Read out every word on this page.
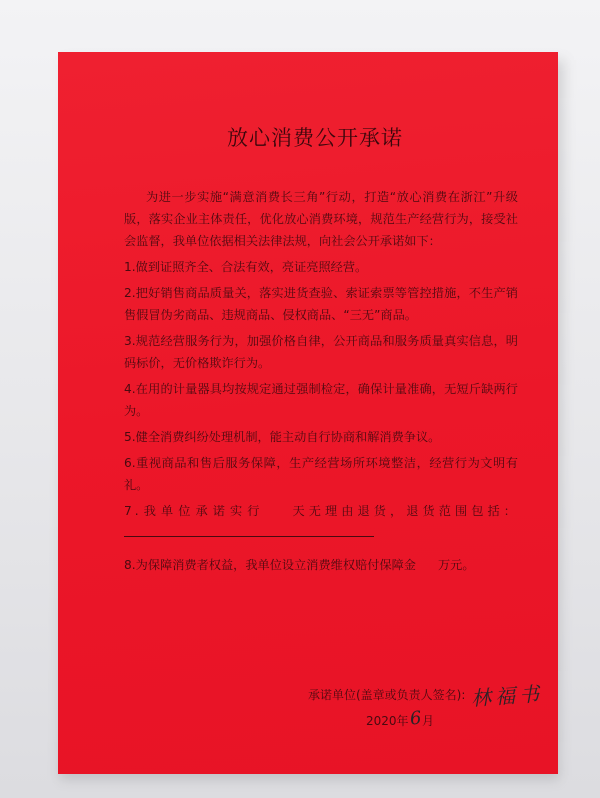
放心消费公开承诺

为进一步实施“满意消费长三角”行动，打造“放心消费在浙江”升级版，落实企业主体责任，优化放心消费环境，规范生产经营行为，接受社会监督，我单位依据相关法律法规，向社会公开承诺如下：

1.做到证照齐全、合法有效，亮证亮照经营。

2.把好销售商品质量关，落实进货查验、索证索票等管控措施，不生产销售假冒伪劣商品、违规商品、侵权商品、“三无”商品。

3.规范经营服务行为，加强价格自律，公开商品和服务质量真实信息，明码标价，无价格欺诈行为。

4.在用的计量器具均按规定通过强制检定，确保计量准确，无短斤缺两行为。

5.健全消费纠纷处理机制，能主动自行协商和解消费争议。

6.重视商品和售后服务保障，生产经营场所环境整洁，经营行为文明有礼。

7.我单位承诺实行 天无理由退货，退货范围包括：

8.为保障消费者权益，我单位设立消费维权赔付保障金 万元。

承诺单位(盖章或负责人签名): 林福书
2020年 6 月
